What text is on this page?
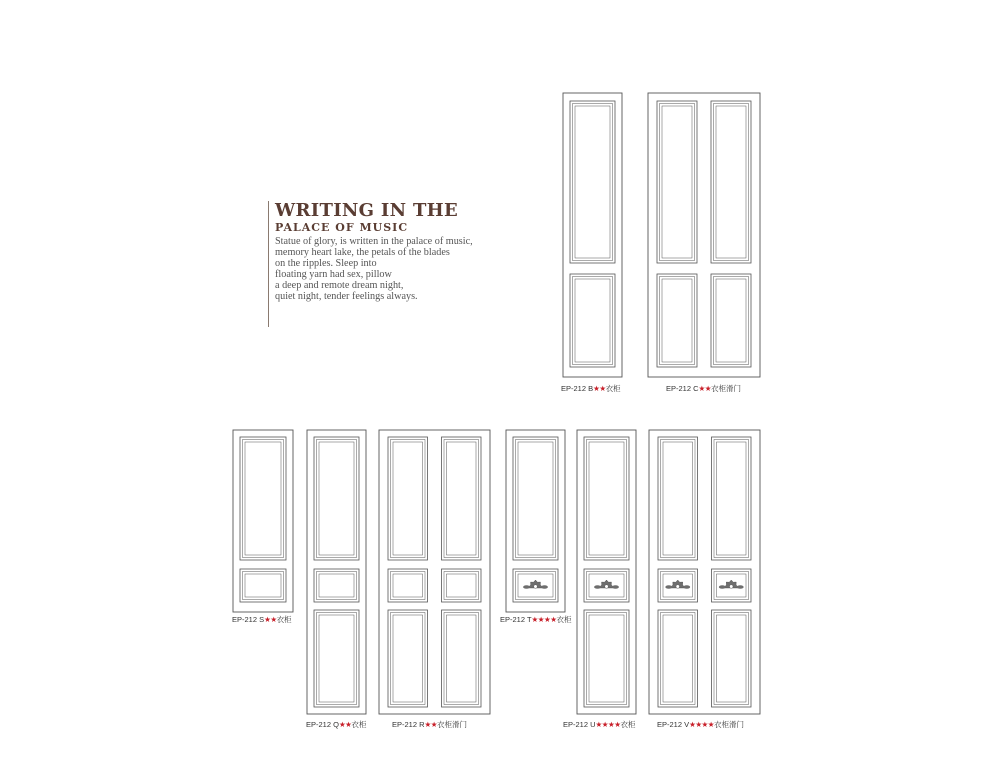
WRITING IN THE
PALACE OF MUSIC
Statue of glory, is written in the palace of music,
memory heart lake, the petals of the blades
on the ripples. Sleep into
floating yarn had sex, pillow
a deep and remote dream night,
quiet night, tender feelings always.
EP-212 B★★衣柜	EP-212 C★★衣柜滑门
EP-212 S★★衣柜
EP-212 Q★★衣柜	EP-212 R★★衣柜滑门
EP-212 T★★★★衣柜
EP-212 U★★★★衣柜	EP-212 V★★★★衣柜滑门
